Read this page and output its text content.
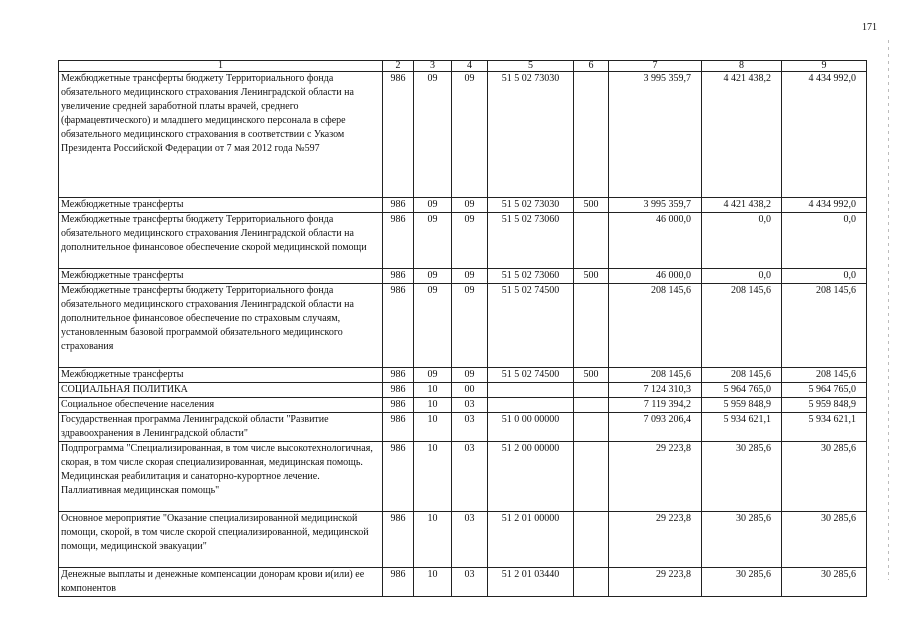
171
1	2	3	4	5	6	7	8	9
Межбюджетные трансферты бюджету Территориального фонда обязательного медицинского страхования Ленинградской области на увеличение средней заработной платы врачей, среднего (фармацевтического) и младшего медицинского персонала в сфере обязательного медицинского страхования в соответствии с Указом Президента Российской Федерации от 7 мая 2012 года №597	986	09	09	51 5 02 73030		3 995 359,7	4 421 438,2	4 434 992,0
Межбюджетные трансферты	986	09	09	51 5 02 73030	500	3 995 359,7	4 421 438,2	4 434 992,0
Межбюджетные трансферты бюджету Территориального фонда обязательного медицинского страхования Ленинградской области на дополнительное финансовое обеспечение скорой медицинской помощи	986	09	09	51 5 02 73060		46 000,0	0,0	0,0
Межбюджетные трансферты	986	09	09	51 5 02 73060	500	46 000,0	0,0	0,0
Межбюджетные трансферты бюджету Территориального фонда обязательного медицинского страхования Ленинградской области на дополнительное финансовое обеспечение по страховым случаям, установленным базовой программой обязательного медицинского страхования	986	09	09	51 5 02 74500		208 145,6	208 145,6	208 145,6
Межбюджетные трансферты	986	09	09	51 5 02 74500	500	208 145,6	208 145,6	208 145,6
СОЦИАЛЬНАЯ ПОЛИТИКА	986	10	00			7 124 310,3	5 964 765,0	5 964 765,0
Социальное обеспечение населения	986	10	03			7 119 394,2	5 959 848,9	5 959 848,9
Государственная программа Ленинградской области "Развитие здравоохранения в Ленинградской области"	986	10	03	51 0 00 00000		7 093 206,4	5 934 621,1	5 934 621,1
Подпрограмма "Специализированная, в том числе высокотехнологичная, скорая, в том числе скорая специализированная, медицинская помощь. Медицинская реабилитация и санаторно-курортное лечение. Паллиативная медицинская помощь"	986	10	03	51 2 00 00000		29 223,8	30 285,6	30 285,6
Основное мероприятие "Оказание специализированной медицинской помощи, скорой, в том числе скорой специализированной, медицинской помощи, медицинской эвакуации"	986	10	03	51 2 01 00000		29 223,8	30 285,6	30 285,6
Денежные выплаты и денежные компенсации донорам крови и(или) ее компонентов	986	10	03	51 2 01 03440		29 223,8	30 285,6	30 285,6
